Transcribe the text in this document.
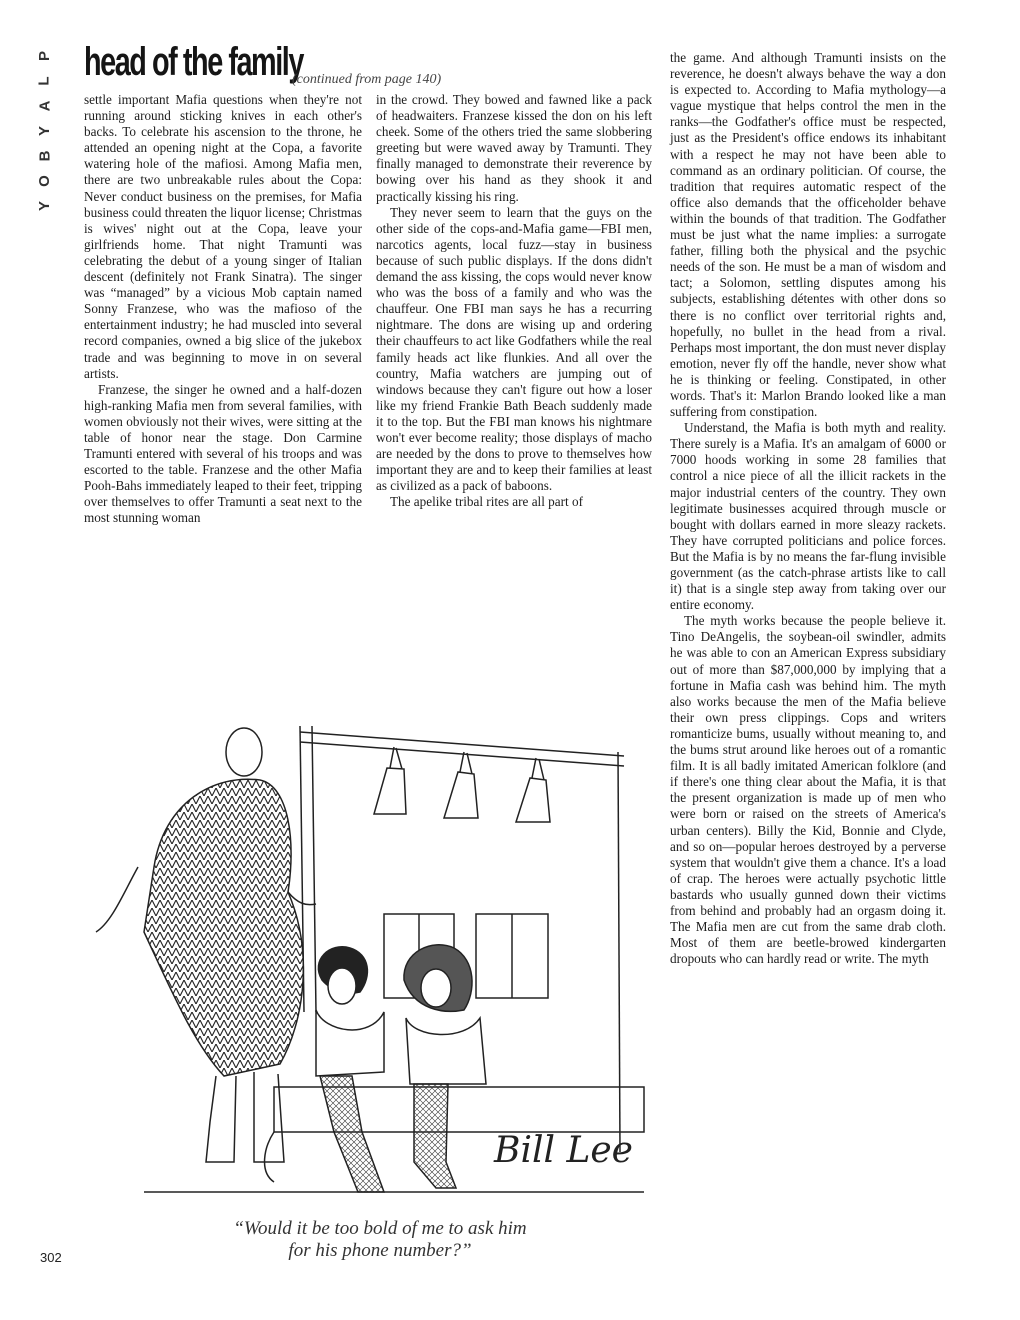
P
L
A
Y
B
O
Y
head of the family
(continued from page 140)

settle important Mafia questions when they're not running around sticking knives in each other's backs. To celebrate his ascension to the throne, he attended an opening night at the Copa, a favorite watering hole of the mafiosi. Among Mafia men, there are two unbreakable rules about the Copa: Never conduct business on the premises, for Mafia business could threaten the liquor license; Christmas is wives' night out at the Copa, leave your girlfriends home. That night Tramunti was celebrating the debut of a young singer of Italian descent (definitely not Frank Sinatra). The singer was “managed” by a vicious Mob captain named Sonny Franzese, who was the mafioso of the entertainment industry; he had muscled into several record companies, owned a big slice of the jukebox trade and was beginning to move in on several artists.

Franzese, the singer he owned and a half-dozen high-ranking Mafia men from several families, with women obviously not their wives, were sitting at the table of honor near the stage. Don Carmine Tramunti entered with several of his troops and was escorted to the table. Franzese and the other Mafia Pooh-Bahs immediately leaped to their feet, tripping over themselves to offer Tramunti a seat next to the most stunning woman

in the crowd. They bowed and fawned like a pack of headwaiters. Franzese kissed the don on his left cheek. Some of the others tried the same slobbering greeting but were waved away by Tramunti. They finally managed to demonstrate their reverence by bowing over his hand as they shook it and practically kissing his ring.

They never seem to learn that the guys on the other side of the cops-and-Mafia game—FBI men, narcotics agents, local fuzz—stay in business because of such public displays. If the dons didn't demand the ass kissing, the cops would never know who was the boss of a family and who was the chauffeur. One FBI man says he has a recurring nightmare. The dons are wising up and ordering their chauffeurs to act like Godfathers while the real family heads act like flunkies. And all over the country, Mafia watchers are jumping out of windows because they can't figure out how a loser like my friend Frankie Bath Beach suddenly made it to the top. But the FBI man knows his nightmare won't ever become reality; those displays of macho are needed by the dons to prove to themselves how important they are and to keep their families at least as civilized as a pack of baboons.

The apelike tribal rites are all part of

the game. And although Tramunti insists on the reverence, he doesn't always behave the way a don is expected to. According to Mafia mythology—a vague mystique that helps control the men in the ranks—the Godfather's office must be respected, just as the President's office endows its inhabitant with a respect he may not have been able to command as an ordinary politician. Of course, the tradition that requires automatic respect of the office also demands that the officeholder behave within the bounds of that tradition. The Godfather must be just what the name implies: a surrogate father, filling both the physical and the psychic needs of the son. He must be a man of wisdom and tact; a Solomon, settling disputes among his subjects, establishing détentes with other dons so there is no conflict over territorial rights and, hopefully, no bullet in the head from a rival. Perhaps most important, the don must never display emotion, never fly off the handle, never show what he is thinking or feeling. Constipated, in other words. That's it: Marlon Brando looked like a man suffering from constipation.

Understand, the Mafia is both myth and reality. There surely is a Mafia. It's an amalgam of 6000 or 7000 hoods working in some 28 families that control a nice piece of all the illicit rackets in the major industrial centers of the country. They own legitimate businesses acquired through muscle or bought with dollars earned in more sleazy rackets. They have corrupted politicians and police forces. But the Mafia is by no means the far-flung invisible government (as the catch-phrase artists like to call it) that is a single step away from taking over our entire economy.

The myth works because the people believe it. Tino DeAngelis, the soybean-oil swindler, admits he was able to con an American Express subsidiary out of more than $87,000,000 by implying that a fortune in Mafia cash was behind him. The myth also works because the men of the Mafia believe their own press clippings. Cops and writers romanticize bums, usually without meaning to, and the bums strut around like heroes out of a romantic film. It is all badly imitated American folklore (and if there's one thing clear about the Mafia, it is that the present organization is made up of men who were born or raised on the streets of America's urban centers). Billy the Kid, Bonnie and Clyde, and so on—popular heroes destroyed by a perverse system that wouldn't give them a chance. It's a load of crap. The heroes were actually psychotic little bastards who usually gunned down their victims from behind and probably had an orgasm doing it. The Mafia men are cut from the same drab cloth. Most of them are beetle-browed kindergarten dropouts who can hardly read or write. The myth

Bill Lee
“Would it be too bold of me to ask him
for his phone number?”
302
